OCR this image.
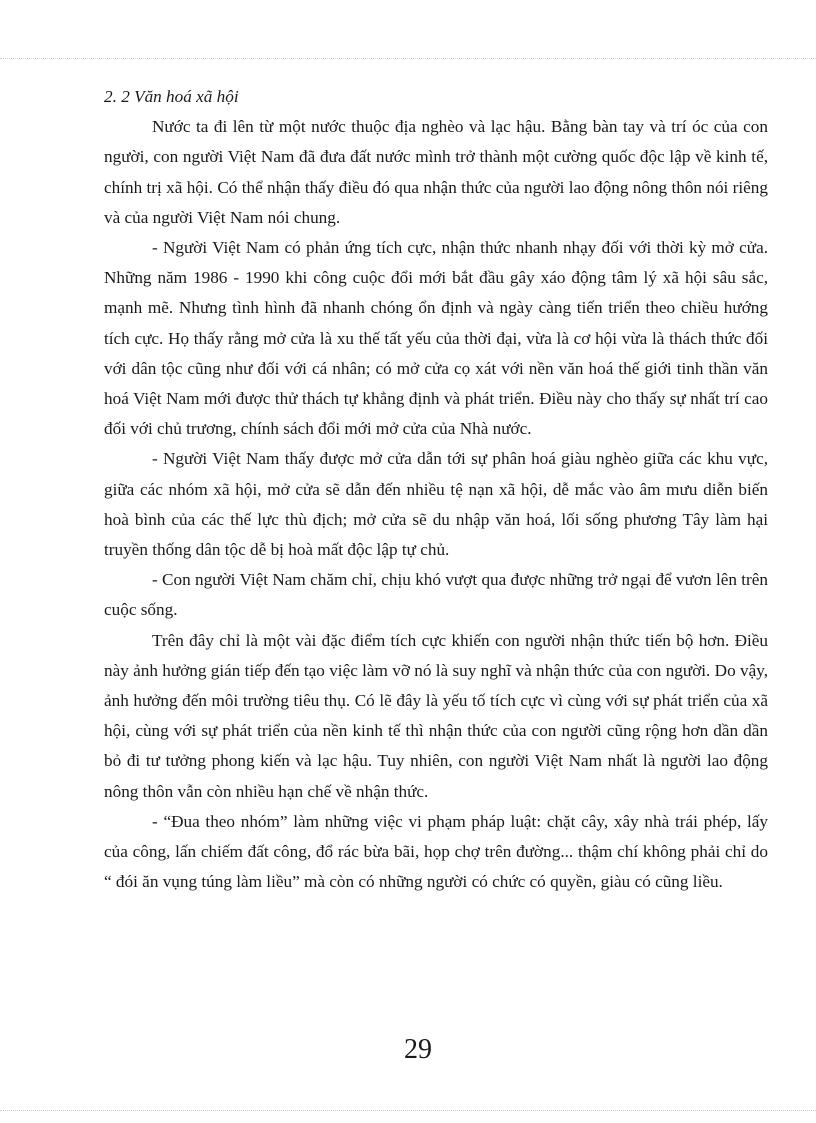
2. 2 Văn hoá xã hội

Nước ta đi lên từ một nước thuộc địa nghèo và lạc hậu. Bằng bàn tay và trí óc của con người, con người Việt Nam đã đưa đất nước mình trở thành một cường quốc độc lập về kinh tế, chính trị xã hội. Có thể nhận thấy điều đó qua nhận thức của người lao động nông thôn nói riêng và của người Việt Nam nói chung.

- Người Việt Nam có phản ứng tích cực, nhận thức nhanh nhạy đối với thời kỳ mở cửa. Những năm 1986 - 1990 khi công cuộc đổi mới bắt đầu gây xáo động tâm lý xã hội sâu sắc, mạnh mẽ. Nhưng tình hình đã nhanh chóng ổn định và ngày càng tiến triển theo chiều hướng tích cực. Họ thấy rằng mở cửa là xu thế tất yếu của thời đại, vừa là cơ hội vừa là thách thức đối với dân tộc cũng như đối với cá nhân; có mở cửa cọ xát với nền văn hoá thế giới tinh thần văn hoá Việt Nam mới được thử thách tự khẳng định và phát triển. Điều này cho thấy sự nhất trí cao đối với chủ trương, chính sách đổi mới mở cửa của Nhà nước.

- Người Việt Nam thấy được mở cửa dẫn tới sự phân hoá giàu nghèo giữa các khu vực, giữa các nhóm xã hội, mở cửa sẽ dẫn đến nhiều tệ nạn xã hội, dễ mắc vào âm mưu diễn biến hoà bình của các thế lực thù địch; mở cửa sẽ du nhập văn hoá, lối sống phương Tây làm hại truyền thống dân tộc dễ bị hoà mất độc lập tự chủ.

- Con người Việt Nam chăm chỉ, chịu khó vượt qua được những trở ngại để vươn lên trên cuộc sống.

Trên đây chỉ là một vài đặc điểm tích cực khiến con người nhận thức tiến bộ hơn. Điều này ảnh hưởng gián tiếp đến tạo việc làm vỡ nó là suy nghĩ và nhận thức của con người. Do vậy, ảnh hưởng đến môi trường tiêu thụ. Có lẽ đây là yếu tố tích cực vì cùng với sự phát triển của xã hội, cùng với sự phát triển của nền kinh tế thì nhận thức của con người cũng rộng hơn dần dần bỏ đi tư tưởng phong kiến và lạc hậu. Tuy nhiên, con người Việt Nam nhất là người lao động nông thôn vẫn còn nhiều hạn chế về nhận thức.

- “Đua theo nhóm” làm những việc vi phạm pháp luật: chặt cây, xây nhà trái phép, lấy của công, lấn chiếm đất công, đổ rác bừa bãi, họp chợ trên đường... thậm chí không phải chỉ do “ đói ăn vụng túng làm liều” mà còn có những người có chức có quyền, giàu có cũng liều.

29
